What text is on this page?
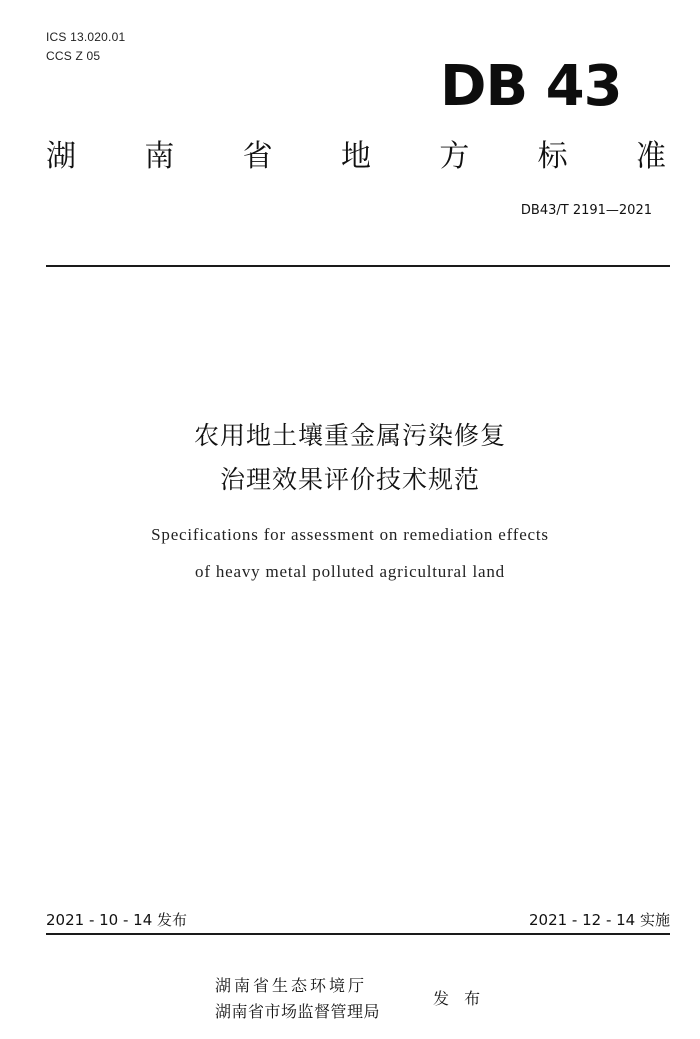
ICS 13.020.01
CCS Z 05	DB 43
湖 南 省 地 方 标 准
DB43/T 2191—2021
农用地土壤重金属污染修复
治理效果评价技术规范
Specifications for assessment on remediation effects
of heavy metal polluted agricultural land
2021 - 10 - 14 发布	2021 - 12 - 14 实施
湖南省生态环境厅
湖南省市场监督管理局
发 布
